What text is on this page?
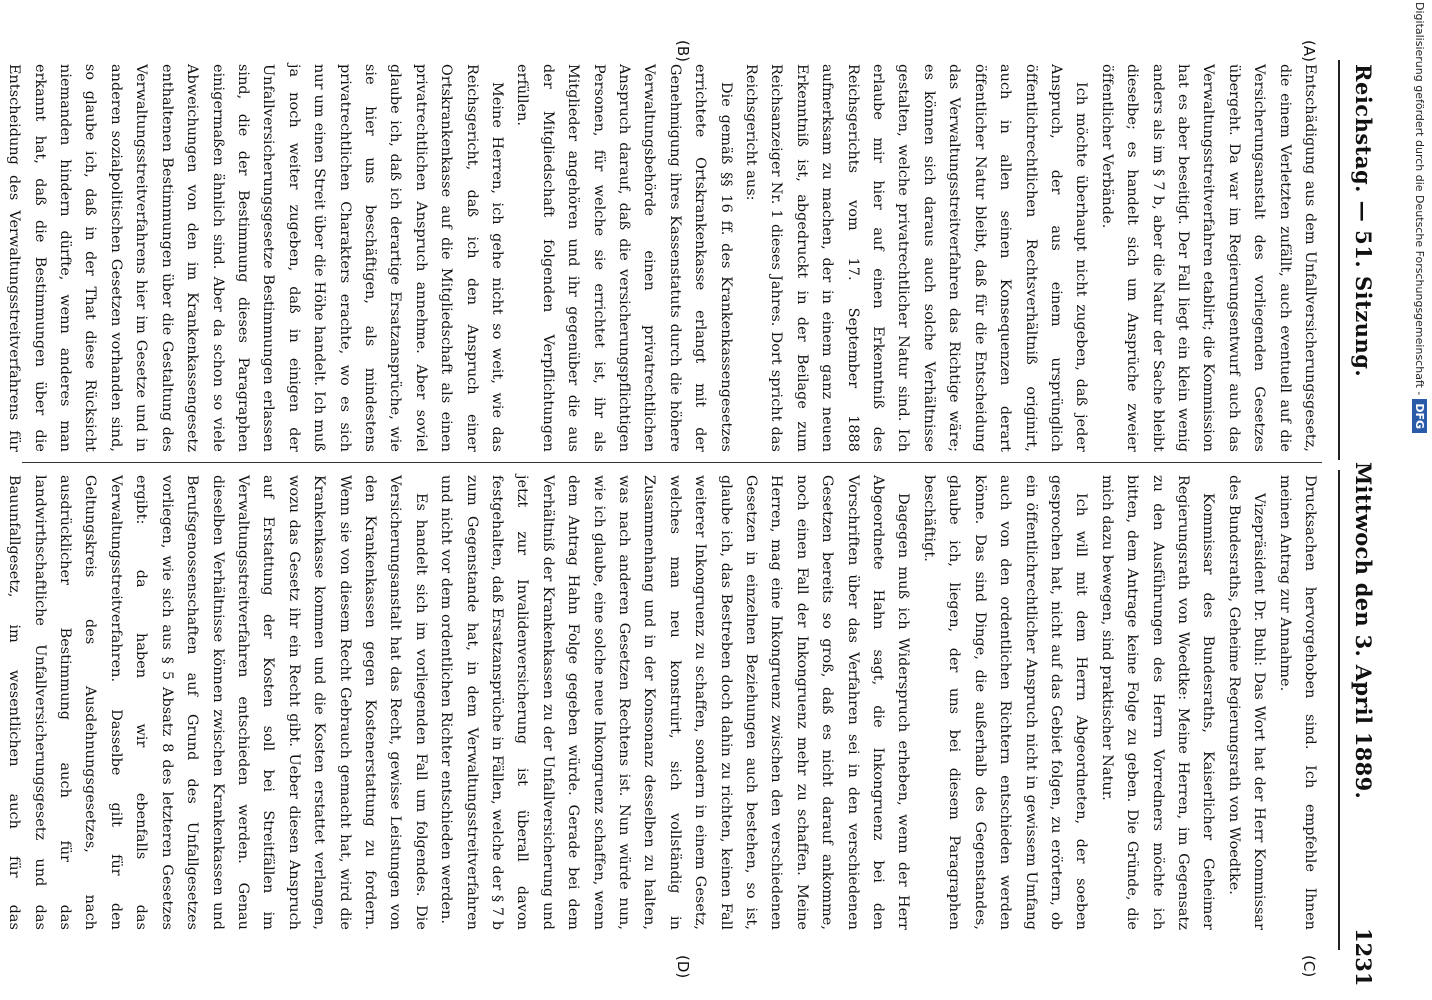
Reichstag. — 51. Sitzung.
Mittwoch den 3. April 1889.
1231
(A)
(B)
(C)
(D)

Entschädigung aus dem Unfallversicherungsgesetz, die einem Verletzten zufällt, auch eventuell auf die Versicherungsanstalt des vorliegenden Gesetzes übergeht. Da war im Regierungsentwurf auch das Verwaltungsstreitverfahren etablirt; die Kommission hat es aber beseitigt. Der Fall liegt ein klein wenig anders als im § 7 b, aber die Natur der Sache bleibt dieselbe; es handelt sich um Ansprüche zweier öffentlicher Verbände.

Ich möchte überhaupt nicht zugeben, daß jeder Anspruch, der aus einem ursprünglich öffentlichrechtlichen Rechtsverhältniß originirt, auch in allen seinen Konsequenzen derart öffentlicher Natur bleibt, daß für die Entscheidung das Verwaltungsstreitverfahren das Richtige wäre; es können sich daraus auch solche Verhältnisse gestalten, welche privatrechtlicher Natur sind. Ich erlaube mir hier auf einen Erkenntniß des Reichsgerichts vom 17. September 1888 aufmerksam zu machen, der in einem ganz neuen Erkenntniß ist, abgedruckt in der Beilage zum Reichsanzeiger Nr. 1 dieses Jahres. Dort spricht das Reichsgericht aus:

Die gemäß §§ 16 ff. des Krankenkassengesetzes errichtete Ortskrankenkasse erlangt mit der Genehmigung ihres Kassenstatuts durch die höhere Verwaltungsbehörde einen privatrechtlichen Anspruch darauf, daß die versicherungspflichtigen Personen, für welche sie errichtet ist, ihr als Mitglieder angehören und ihr gegenüber die aus der Mitgliedschaft folgenden Verpflichtungen erfüllen.

Meine Herren, ich gehe nicht so weit, wie das Reichsgericht, daß ich den Anspruch einer Ortskrankenkasse auf die Mitgliedschaft als einen privatrechtlichen Anspruch annehme. Aber soviel glaube ich, daß ich derartige Ersatzansprüche, wie sie hier uns beschäftigen, als mindestens privatrechtlichen Charakters erachte, wo es sich nur um einen Streit über die Höhe handelt. Ich muß ja noch weiter zugeben, daß in einigen der Unfallversicherungsgesetze Bestimmungen erlassen sind, die der Bestimmung dieses Paragraphen einigermaßen ähnlich sind. Aber da schon so viele Abweichungen von den im Krankenkassengesetz enthaltenen Bestimmungen über die Gestaltung des Verwaltungsstreitverfahrens hier im Gesetze und in anderen sozialpolitischen Gesetzen vorhanden sind, so glaube ich, daß in der That diese Rücksicht niemanden hindern dürfte, wenn anderes man erkannt hat, daß die Bestimmungen über die Entscheidung des Verwaltungsstreitverfahrens für

Drucksachen hervorgehoben sind. Ich empfehle Ihnen meinen Antrag zur Annahme.

Vizepräsident Dr. Buhl: Das Wort hat der Herr Kommissar des Bundesraths, Geheime Regierungsrath von Woedtke.

Kommissar des Bundesraths, Kaiserlicher Geheimer Regierungsrath von Woedtke: Meine Herren, im Gegensatz zu den Ausführungen des Herrn Vorredners möchte ich bitten, dem Antrage keine Folge zu geben. Die Gründe, die mich dazu bewegen, sind praktischer Natur.

Ich will mit dem Herrn Abgeordneten, der soeben gesprochen hat, nicht auf das Gebiet folgen, zu erörtern, ob ein öffentlichrechtlicher Anspruch nicht in gewissem Umfang auch von den ordentlichen Richtern entschieden werden könne. Das sind Dinge, die außerhalb des Gegenstandes, glaube ich, liegen, der uns bei diesem Paragraphen beschäftigt.

Dagegen muß ich Widerspruch erheben, wenn der Herr Abgeordnete Hahn sagt, die Inkongruenz bei den Vorschriften über das Verfahren sei in den verschiedenen Gesetzen bereits so groß, daß es nicht darauf ankomme, noch einen Fall der Inkongruenz mehr zu schaffen. Meine Herren, mag eine Inkongruenz zwischen den verschiedenen Gesetzen in einzelnen Beziehungen auch bestehen, so ist, glaube ich, das Bestreben doch dahin zu richten, keinen Fall weiterer Inkongruenz zu schaffen, sondern in einem Gesetz, welches man neu konstruirt, sich vollständig in Zusammenhang und in der Konsonanz desselben zu halten, was nach anderen Gesetzen Rechtens ist. Nun würde nun, wie ich glaube, eine solche neue Inkongruenz schaffen, wenn dem Antrag Hahn Folge gegeben würde. Gerade bei dem Verhältniß der Krankenkassen zu der Unfallversicherung und jetzt zur Invalidenversicherung ist überall davon festgehalten, daß Ersatzansprüche in Fällen, welche der § 7 b zum Gegenstande hat, in dem Verwaltungsstreitverfahren und nicht vor dem ordentlichen Richter entschieden werden.

Es handelt sich im vorliegenden Fall um folgendes. Die Versicherungsanstalt hat das Recht, gewisse Leistungen von den Krankenkassen gegen Kostenerstattung zu fordern. Wenn sie von diesem Recht Gebrauch gemacht hat, wird die Krankenkasse kommen und die Kosten erstattet verlangen, wozu das Gesetz ihr ein Recht gibt. Ueber diesen Anspruch auf Erstattung der Kosten soll bei Streitfällen im Verwaltungsstreitverfahren entschieden werden. Genau dieselben Verhältnisse können zwischen Krankenkassen und Berufsgenossenschaften auf Grund des Unfallgesetzes vorliegen, wie sich aus § 5 Absatz 8 des letzteren Gesetzes ergibt: da haben wir ebenfalls das Verwaltungsstreitverfahren. Dasselbe gilt für den Geltungskreis des Ausdehnungsgesetzes, nach ausdrücklicher Bestimmung auch für das landwirthschaftliche Unfallversicherungsgesetz und das Bauunfallgesetz, im wesentlichen auch für das

Digitalisierung gefördert durch die Deutsche Forschungsgemeinschaft -DFG
